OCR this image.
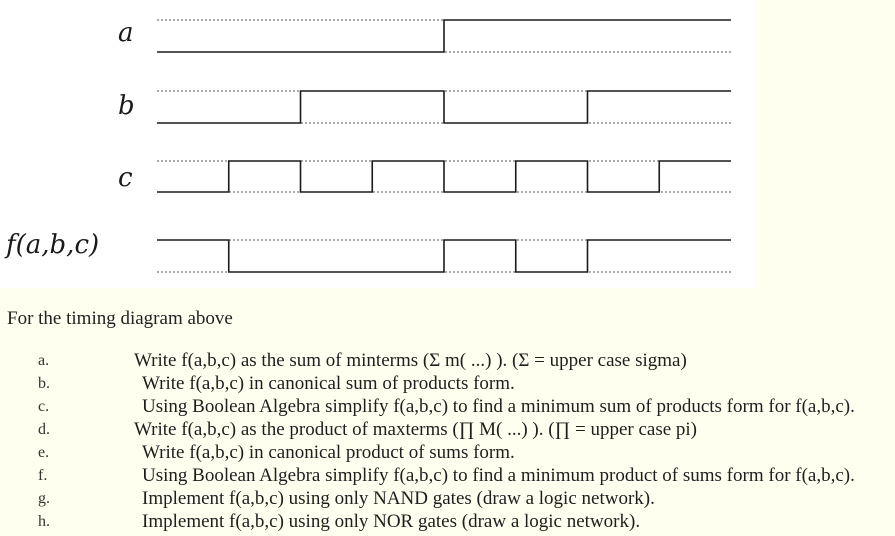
a
b
c
f(a,b,c)
For the timing diagram above
a.	Write f(a,b,c) as the sum of minterms (Σ m( ...) ). (Σ = upper case sigma)
b.	Write f(a,b,c) in canonical sum of products form.
c.	Using Boolean Algebra simplify f(a,b,c) to find a minimum sum of products form for f(a,b,c).
d.	Write f(a,b,c) as the product of maxterms (∏ M( ...) ). (∏ = upper case pi)
e.	Write f(a,b,c) in canonical product of sums form.
f.	Using Boolean Algebra simplify f(a,b,c) to find a minimum product of sums form for f(a,b,c).
g.	Implement f(a,b,c) using only NAND gates (draw a logic network).
h.	Implement f(a,b,c) using only NOR gates (draw a logic network).
